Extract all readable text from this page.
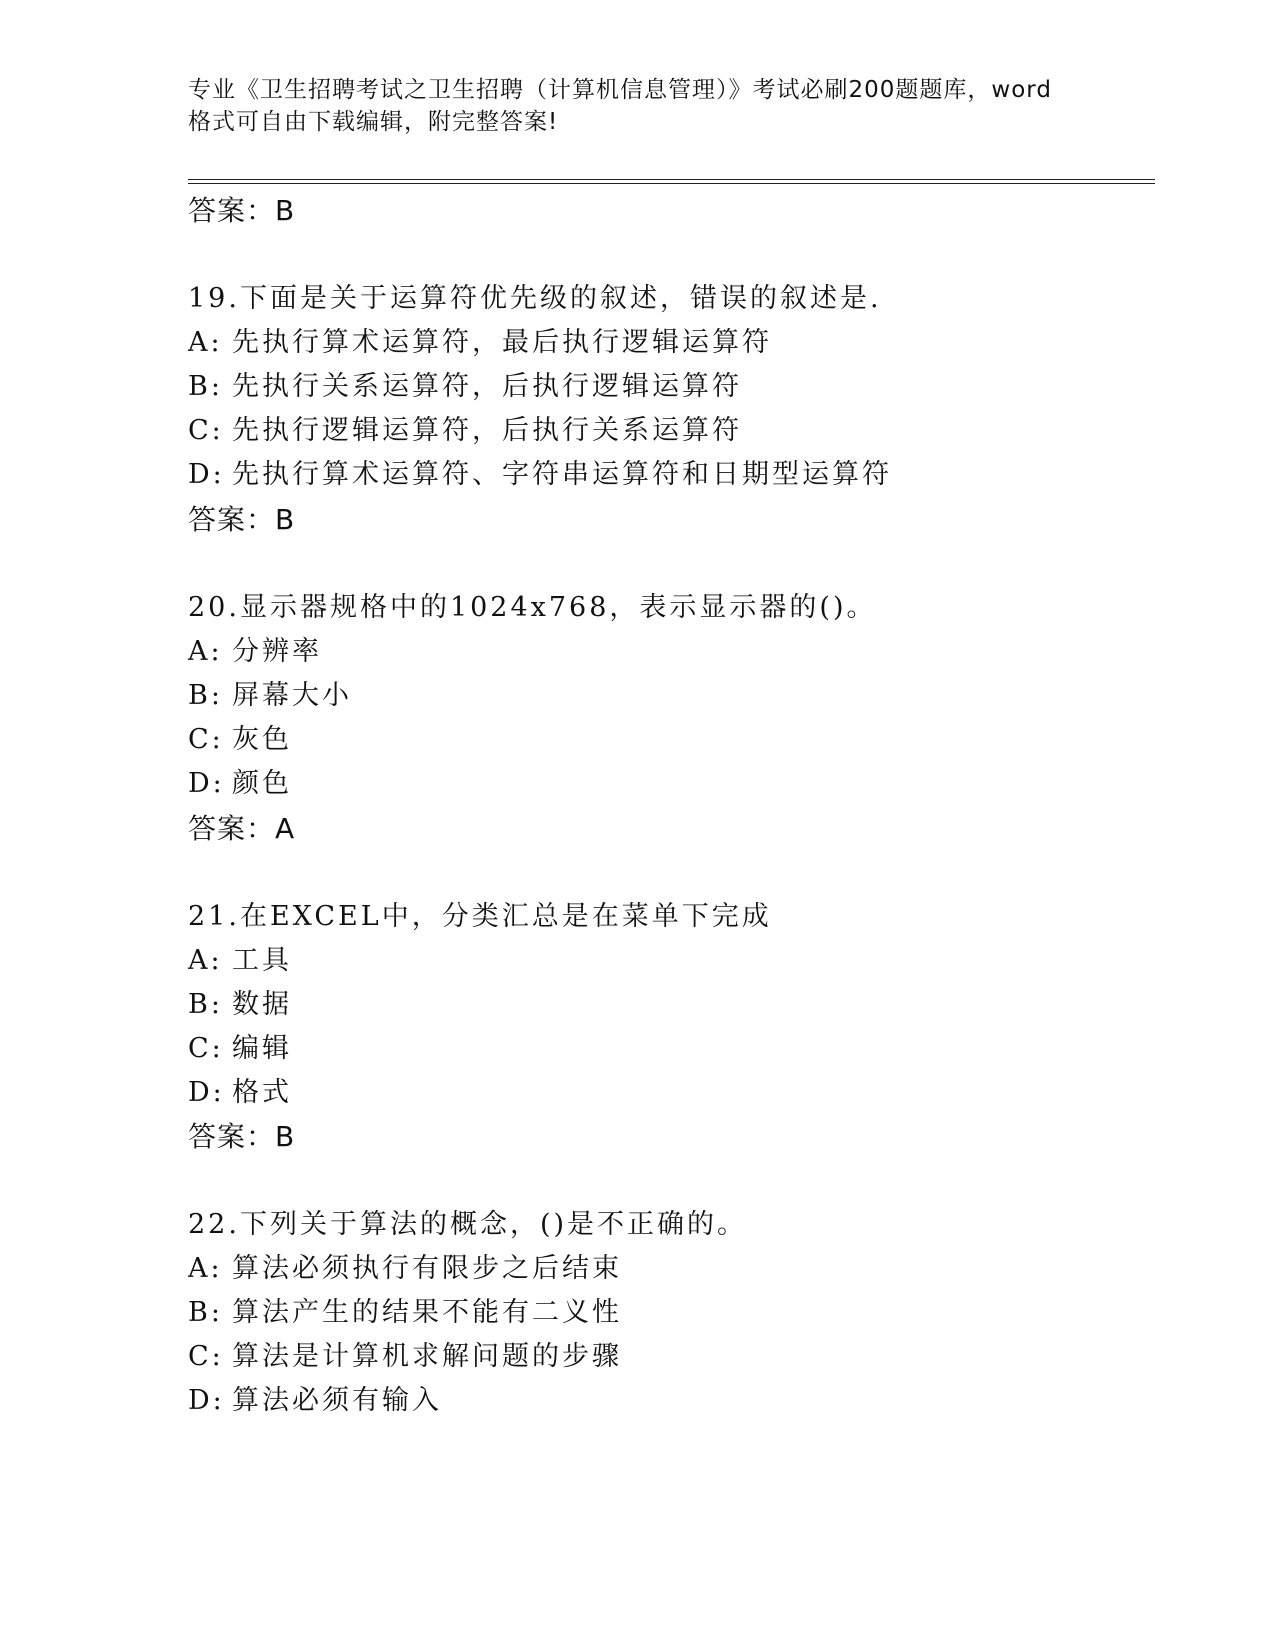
专业《卫生招聘考试之卫生招聘（计算机信息管理）》考试必刷200题题库，word
格式可自由下载编辑，附完整答案!
答案：B
19.下面是关于运算符优先级的叙述，错误的叙述是.
A: 先执行算术运算符，最后执行逻辑运算符
B: 先执行关系运算符，后执行逻辑运算符
C: 先执行逻辑运算符，后执行关系运算符
D: 先执行算术运算符、字符串运算符和日期型运算符
答案：B
20.显示器规格中的1024x768，表示显示器的()。
A: 分辨率
B: 屏幕大小
C: 灰色
D: 颜色
答案：A
21.在EXCEL中，分类汇总是在菜单下完成
A: 工具
B: 数据
C: 编辑
D: 格式
答案：B
22.下列关于算法的概念，()是不正确的。
A: 算法必须执行有限步之后结束
B: 算法产生的结果不能有二义性
C: 算法是计算机求解问题的步骤
D: 算法必须有输入
